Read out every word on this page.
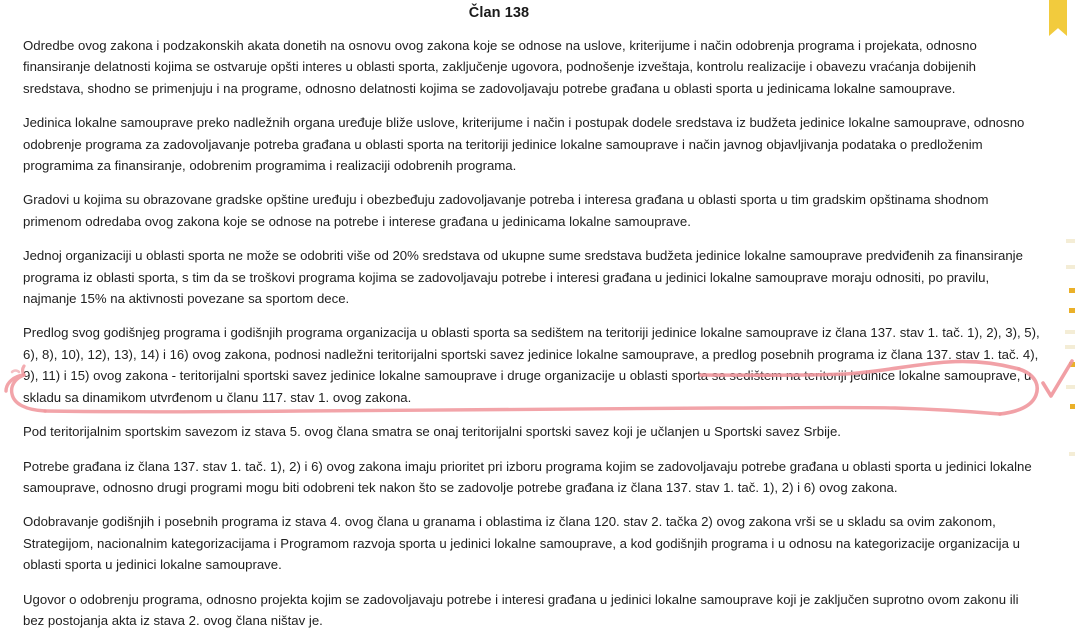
Član 138

Odredbe ovog zakona i podzakonskih akata donetih na osnovu ovog zakona koje se odnose na uslove, kriterijume i način odobrenja programa i projekata, odnosno finansiranje delatnosti kojima se ostvaruje opšti interes u oblasti sporta, zaključenje ugovora, podnošenje izveštaja, kontrolu realizacije i obavezu vraćanja dobijenih sredstava, shodno se primenjuju i na programe, odnosno delatnosti kojima se zadovoljavaju potrebe građana u oblasti sporta u jedinicama lokalne samouprave.

Jedinica lokalne samouprave preko nadležnih organa uređuje bliže uslove, kriterijume i način i postupak dodele sredstava iz budžeta jedinice lokalne samouprave, odnosno odobrenje programa za zadovoljavanje potreba građana u oblasti sporta na teritoriji jedinice lokalne samouprave i način javnog objavljivanja podataka o predloženim programima za finansiranje, odobrenim programima i realizaciji odobrenih programa.

Gradovi u kojima su obrazovane gradske opštine uređuju i obezbeđuju zadovoljavanje potreba i interesa građana u oblasti sporta u tim gradskim opštinama shodnom primenom odredaba ovog zakona koje se odnose na potrebe i interese građana u jedinicama lokalne samouprave.

Jednoj organizaciji u oblasti sporta ne može se odobriti više od 20% sredstava od ukupne sume sredstava budžeta jedinice lokalne samouprave predviđenih za finansiranje programa iz oblasti sporta, s tim da se troškovi programa kojima se zadovoljavaju potrebe i interesi građana u jedinici lokalne samouprave moraju odnositi, po pravilu, najmanje 15% na aktivnosti povezane sa sportom dece.

Predlog svog godišnjeg programa i godišnjih programa organizacija u oblasti sporta sa sedištem na teritoriji jedinice lokalne samouprave iz člana 137. stav 1. tač. 1), 2), 3), 5), 6), 8), 10), 12), 13), 14) i 16) ovog zakona, podnosi nadležni teritorijalni sportski savez jedinice lokalne samouprave, a predlog posebnih programa iz člana 137. stav 1. tač. 4), 9), 11) i 15) ovog zakona - teritorijalni sportski savez jedinice lokalne samouprave i druge organizacije u oblasti sporta sa sedištem na teritoriji jedinice lokalne samouprave, u skladu sa dinamikom utvrđenom u članu 117. stav 1. ovog zakona.

Pod teritorijalnim sportskim savezom iz stava 5. ovog člana smatra se onaj teritorijalni sportski savez koji je učlanjen u Sportski savez Srbije.

Potrebe građana iz člana 137. stav 1. tač. 1), 2) i 6) ovog zakona imaju prioritet pri izboru programa kojim se zadovoljavaju potrebe građana u oblasti sporta u jedinici lokalne samouprave, odnosno drugi programi mogu biti odobreni tek nakon što se zadovolje potrebe građana iz člana 137. stav 1. tač. 1), 2) i 6) ovog zakona.

Odobravanje godišnjih i posebnih programa iz stava 4. ovog člana u granama i oblastima iz člana 120. stav 2. tačka 2) ovog zakona vrši se u skladu sa ovim zakonom, Strategijom, nacionalnim kategorizacijama i Programom razvoja sporta u jedinici lokalne samouprave, a kod godišnjih programa i u odnosu na kategorizacije organizacija u oblasti sporta u jedinici lokalne samouprave.

Ugovor o odobrenju programa, odnosno projekta kojim se zadovoljavaju potrebe i interesi građana u jedinici lokalne samouprave koji je zaključen suprotno ovom zakonu ili bez postojanja akta iz stava 2. ovog člana ništav je.
